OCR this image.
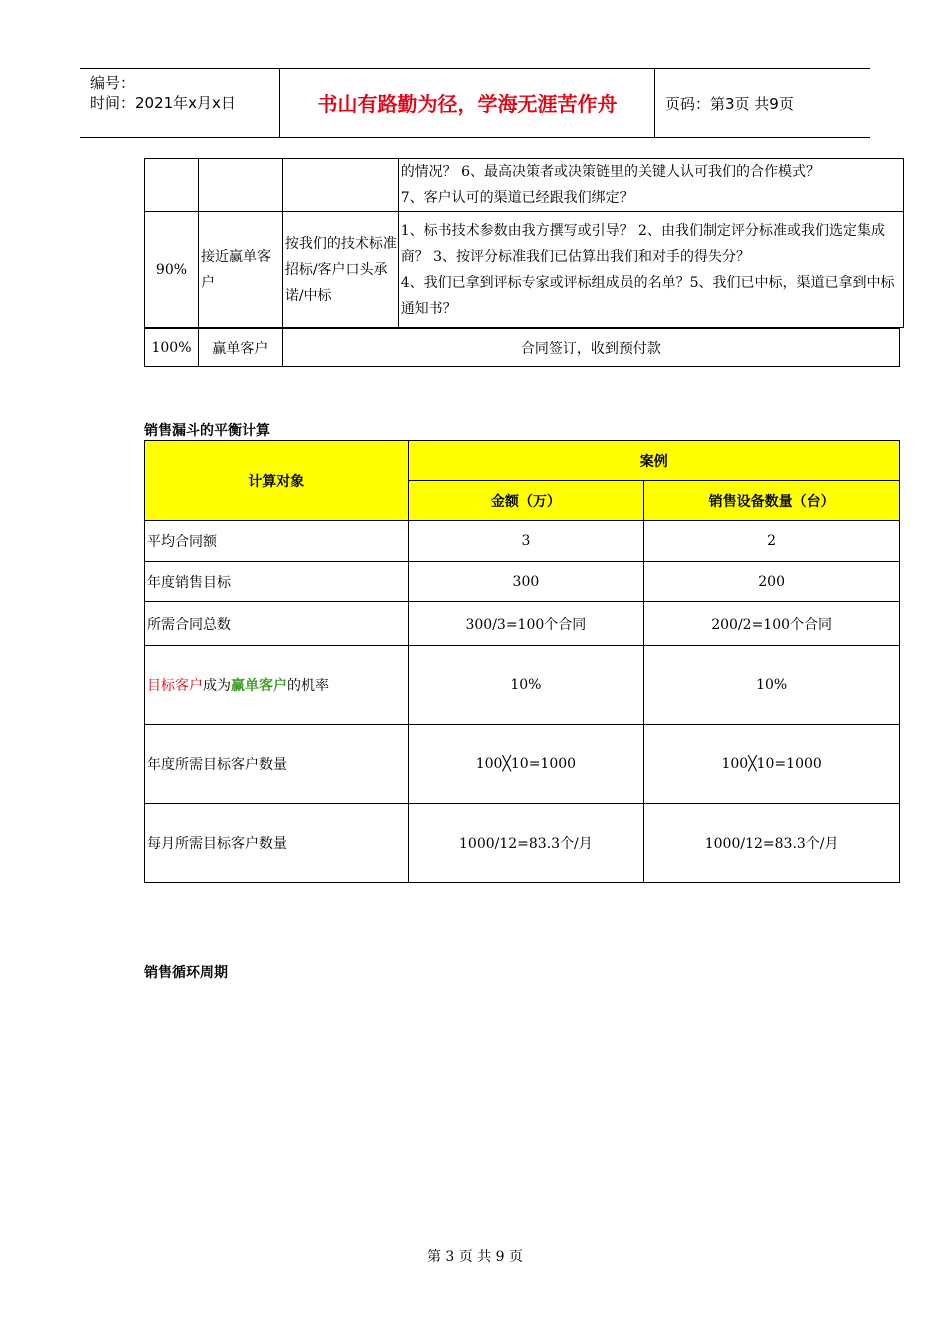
编号：
时间：2021年x月x日	书山有路勤为径，学海无涯苦作舟	页码：第3页 共9页

			的情况？ 6、最高决策者或决策链里的关键人认可我们的合作模式？
7、客户认可的渠道已经跟我们绑定？

90%	接近赢单客户	按我们的技术标准招标/客户口头承诺/中标	1、标书技术参数由我方撰写或引导？ 2、由我们制定评分标准或我们选定集成商？ 3、按评分标准我们已估算出我们和对手的得失分？
4、我们已拿到评标专家或评标组成员的名单？5、我们已中标，渠道已拿到中标通知书？
100%	赢单客户	合同签订，收到预付款
销售漏斗的平衡计算
计算对象	案例	
	金额（万）	销售设备数量（台）
平均合同额	3	2
年度销售目标	300	200
所需合同总数	300/3=100个合同	200/2=100个合同
目标客户成为赢单客户的机率	10%	10%
年度所需目标客户数量	100╳10=1000	100╳10=1000
每月所需目标客户数量	1000/12=83.3个/月	1000/12=83.3个/月
销售循环周期
第 3 页 共 9 页
